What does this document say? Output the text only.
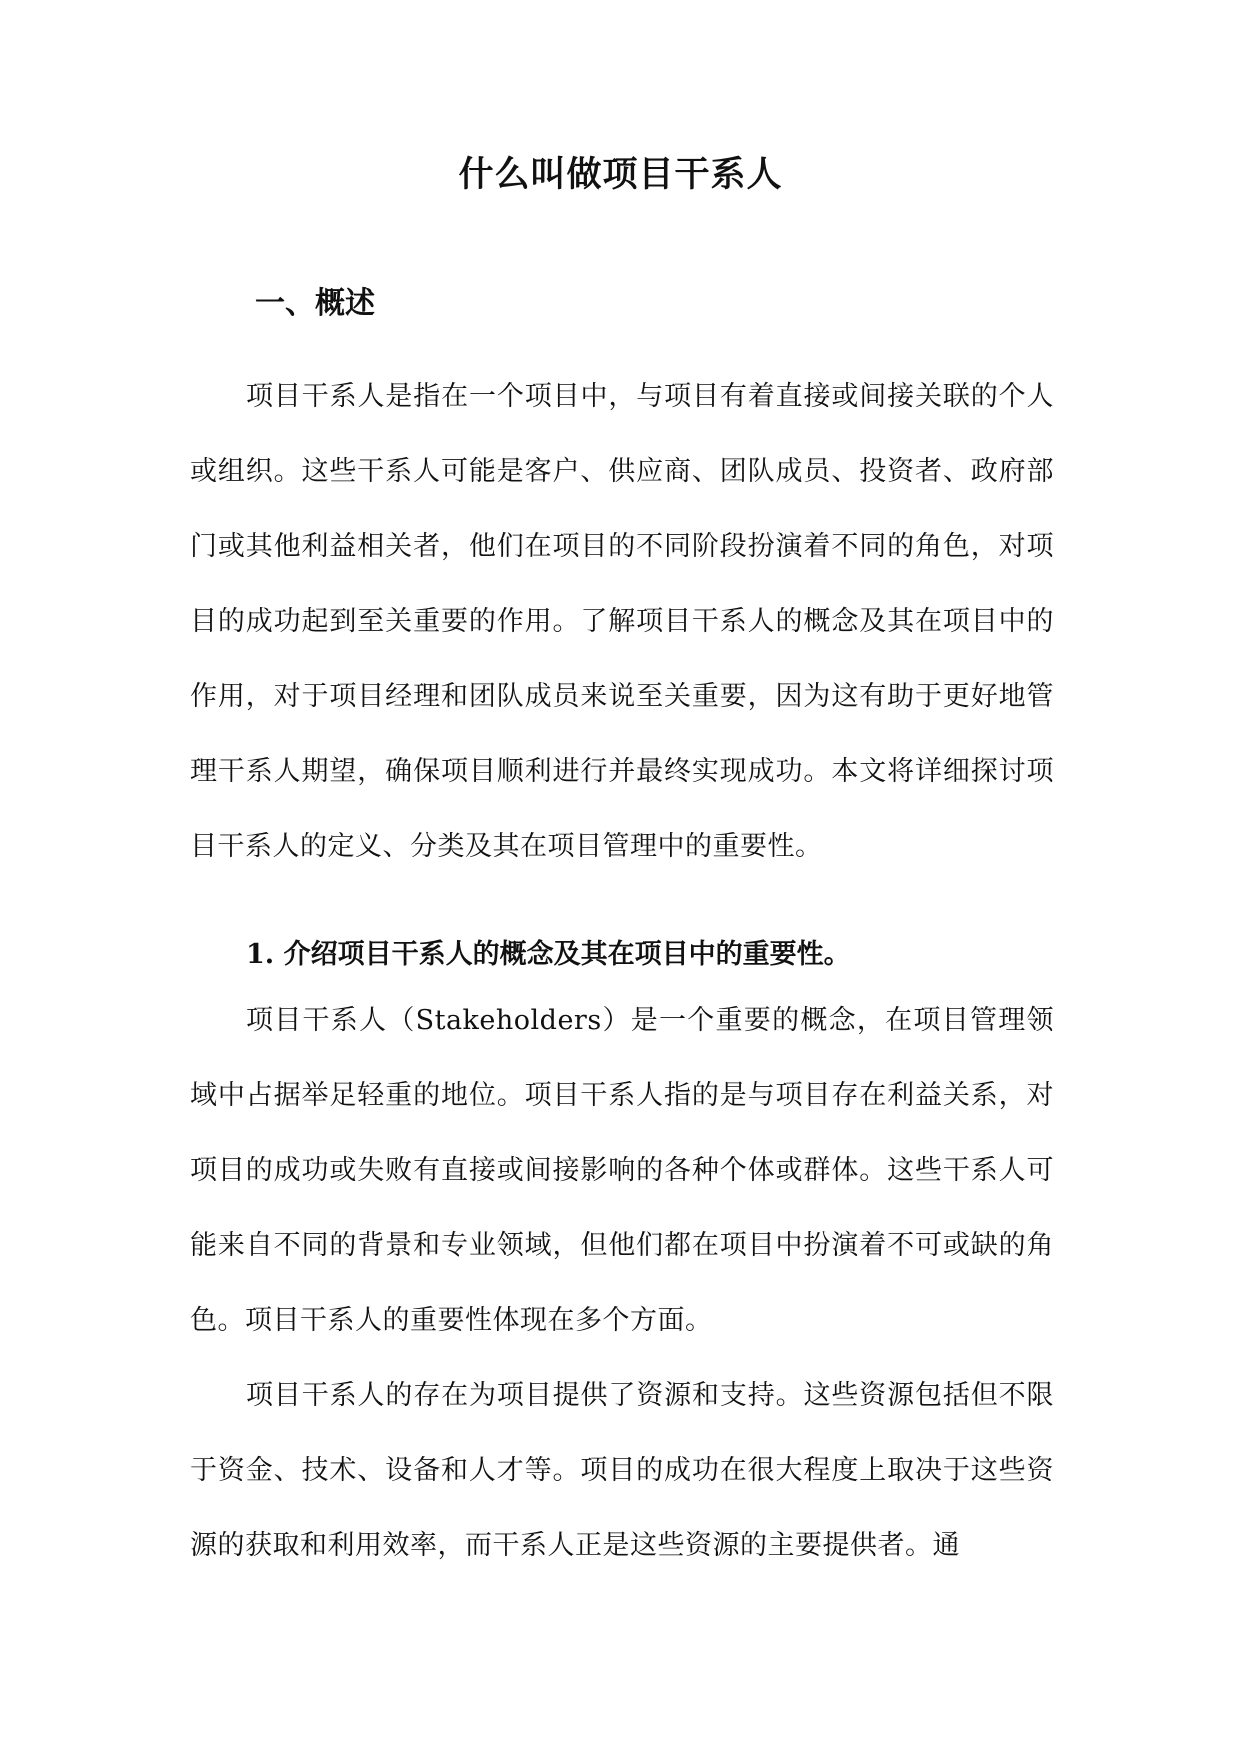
什么叫做项目干系人
一、概述

项目干系人是指在一个项目中，与项目有着直接或间接关联的个人或组织。这些干系人可能是客户、供应商、团队成员、投资者、政府部门或其他利益相关者，他们在项目的不同阶段扮演着不同的角色，对项目的成功起到至关重要的作用。了解项目干系人的概念及其在项目中的作用，对于项目经理和团队成员来说至关重要，因为这有助于更好地管理干系人期望，确保项目顺利进行并最终实现成功。本文将详细探讨项目干系人的定义、分类及其在项目管理中的重要性。

1. 介绍项目干系人的概念及其在项目中的重要性。

项目干系人（Stakeholders）是一个重要的概念，在项目管理领域中占据举足轻重的地位。项目干系人指的是与项目存在利益关系，对项目的成功或失败有直接或间接影响的各种个体或群体。这些干系人可能来自不同的背景和专业领域，但他们都在项目中扮演着不可或缺的角色。项目干系人的重要性体现在多个方面。

项目干系人的存在为项目提供了资源和支持。这些资源包括但不限于资金、技术、设备和人才等。项目的成功在很大程度上取决于这些资源的获取和利用效率，而干系人正是这些资源的主要提供者。通
